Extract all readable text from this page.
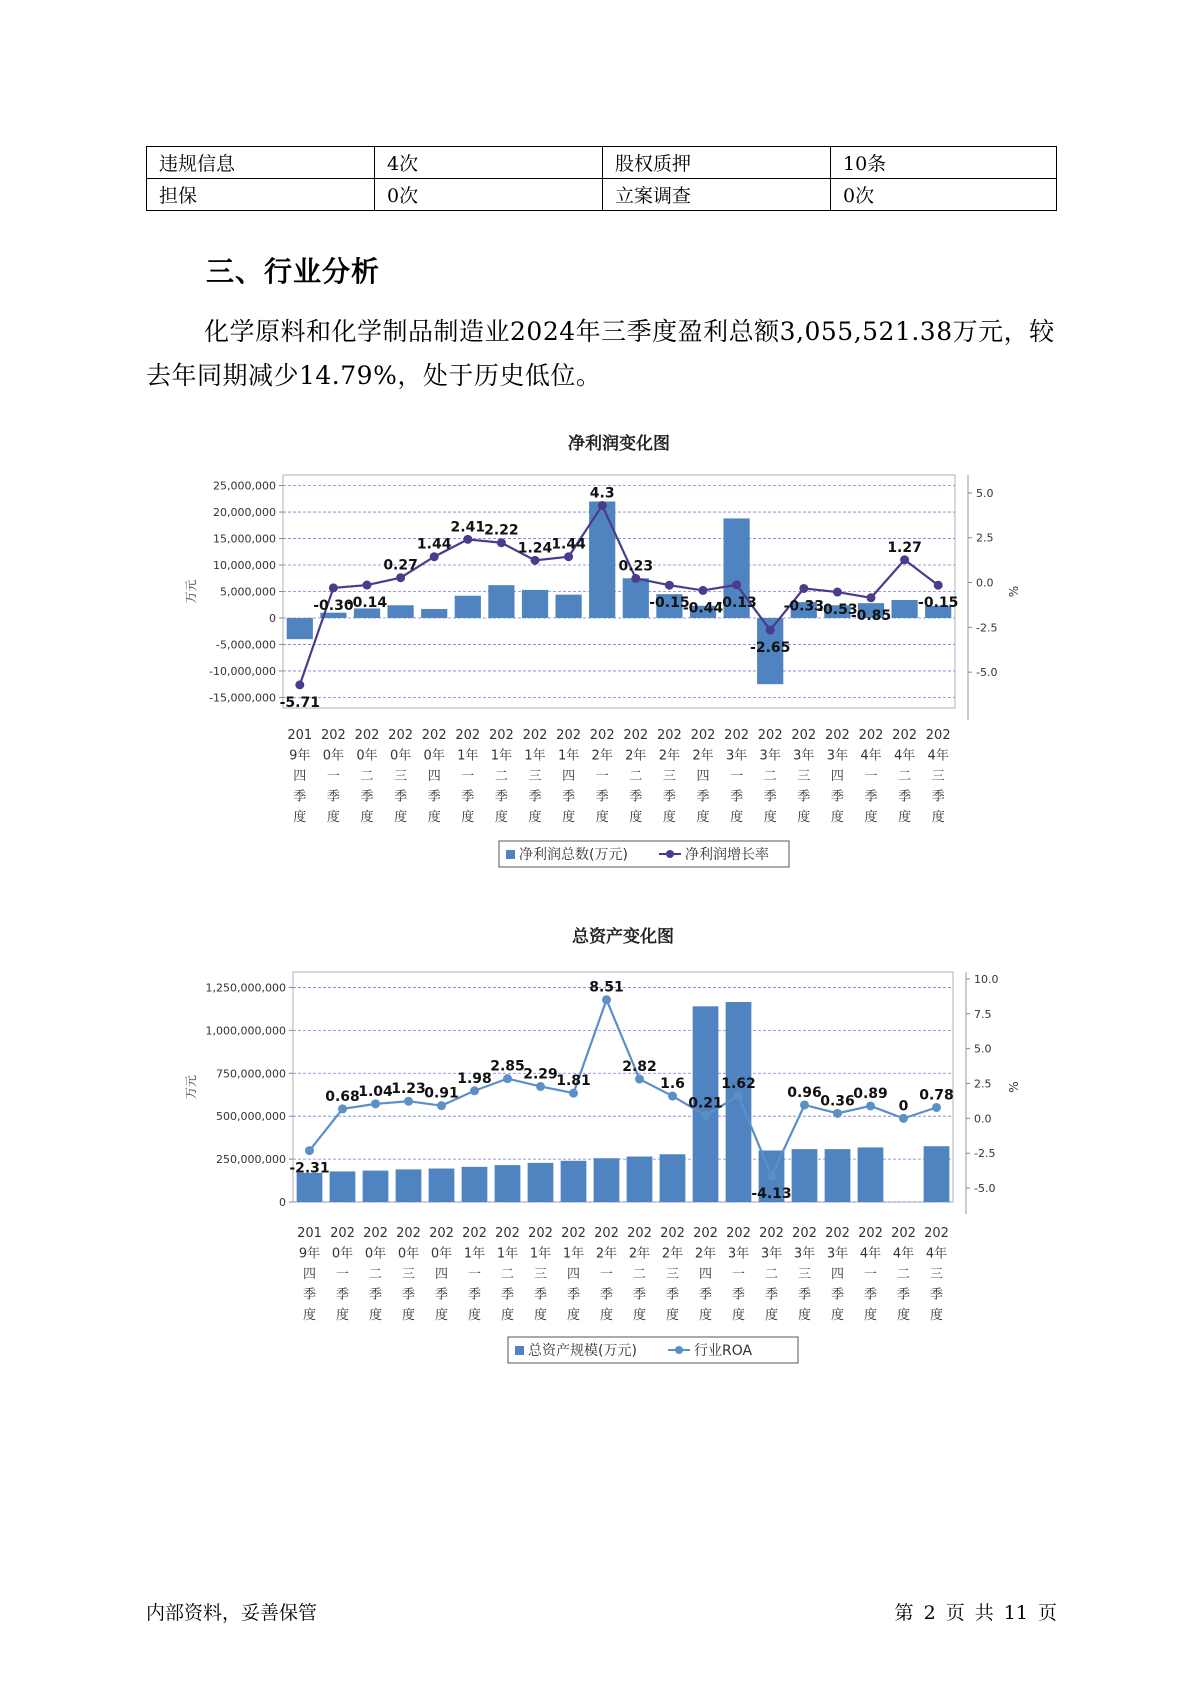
违规信息	4次	股权质押	10条
担保	0次	立案调查	0次
三、行业分析
化学原料和化学制品制造业2024年三季度盈利总额3,055,521.38万元，较去年同期减少14.79%，处于历史低位。
净利润变化图
25,000,000
20,000,000
15,000,000
10,000,000
5,000,000
0
-5,000,000
-10,000,000
-15,000,000
5.0
2.5
0.0
-2.5
-5.0
万元	%
-5.71
-0.30
-0.14
0.27
1.44
2.41 2.22
1.24 1.44
4.3
0.23
-0.15
-0.44
-0.13
-2.65
-0.33
-0.53
-0.85
1.27
-0.15
201
9年
四
季
度
202
0年
一
季
度
202
0年
二
季
度
202
0年
三
季
度
202
0年
四
季
度
202
1年
一
季
度
202
1年
二
季
度
202
1年
三
季
度
202
1年
四
季
度
202
2年
一
季
度
202
2年
二
季
度
202
2年
三
季
度
202
2年
四
季
度
202
3年
一
季
度
202
3年
二
季
度
202
3年
三
季
度
202
3年
四
季
度
202
4年
一
季
度
202
4年
二
季
度
202
4年
三
季
度
净利润总数(万元)	净利润增长率
总资产变化图
1,250,000,000
1,000,000,000
750,000,000
500,000,000
250,000,000
0
10.0
7.5
5.0
2.5
0.0
-2.5
-5.0
万元	%
-2.31
0.68
1.04
1.23
0.91
1.98
2.85
2.29
1.81
8.51
2.82
1.6
0.21
1.62
-4.13
0.96
0.36
0.89
0
0.78
201
9年
四
季
度
202
0年
一
季
度
202
0年
二
季
度
202
0年
三
季
度
202
0年
四
季
度
202
1年
一
季
度
202
1年
二
季
度
202
1年
三
季
度
202
1年
四
季
度
202
2年
一
季
度
202
2年
二
季
度
202
2年
三
季
度
202
2年
四
季
度
202
3年
一
季
度
202
3年
二
季
度
202
3年
三
季
度
202
3年
四
季
度
202
4年
一
季
度
202
4年
二
季
度
202
4年
三
季
度
总资产规模(万元)	行业ROA
内部资料，妥善保管	第 2 页 共 11 页
